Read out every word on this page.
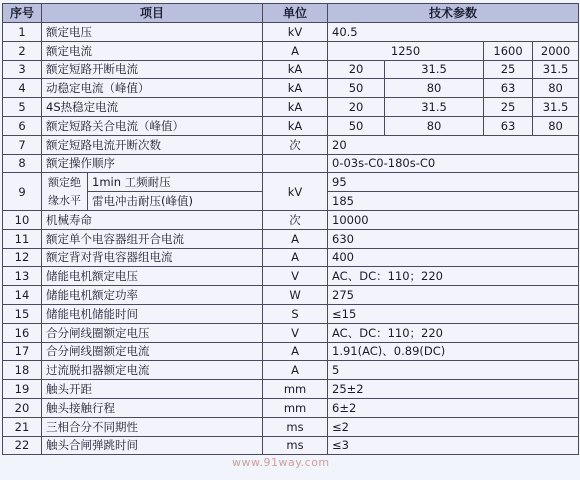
序号	项目		单位	技术参数			
1	额定电压		kV	40.5			
2	额定电流		A	1250		1600	2000
3	额定短路开断电流		kA	20	31.5	25	31.5
4	动稳定电流（峰值）		kA	50	80	63	80
5	4S热稳定电流		kA	20	31.5	25	31.5
6	额定短路关合电流（峰值）		kA	50	80	63	80
7	额定短路电流开断次数		次	20			
8	额定操作顺序			0-03s-C0-180s-C0			
9	额定绝缘水平	1min 工频耐压	kV	95			
		雷电冲击耐压(峰值)		185			
10	机械寿命		次	10000			
11	额定单个电容器组开合电流		A	630			
12	额定背对背电容器组电流		A	400			
13	储能电机额定电压		V	AC、DC：110；220			
14	储能电机额定功率		W	275			
15	储能电机储能时间		S	≤15			
16	合分闸线圈额定电压		V	AC、DC：110；220			
17	合分闸线圈额定电流		A	1.91(AC)、0.89(DC)			
18	过流脱扣器额定电流		A	5			
19	触头开距		mm	25±2			
20	触头接触行程		mm	6±2			
21	三相合分不同期性		ms	≤2			
22	触头合闸弹跳时间		ms	≤3			
www.91way.com
